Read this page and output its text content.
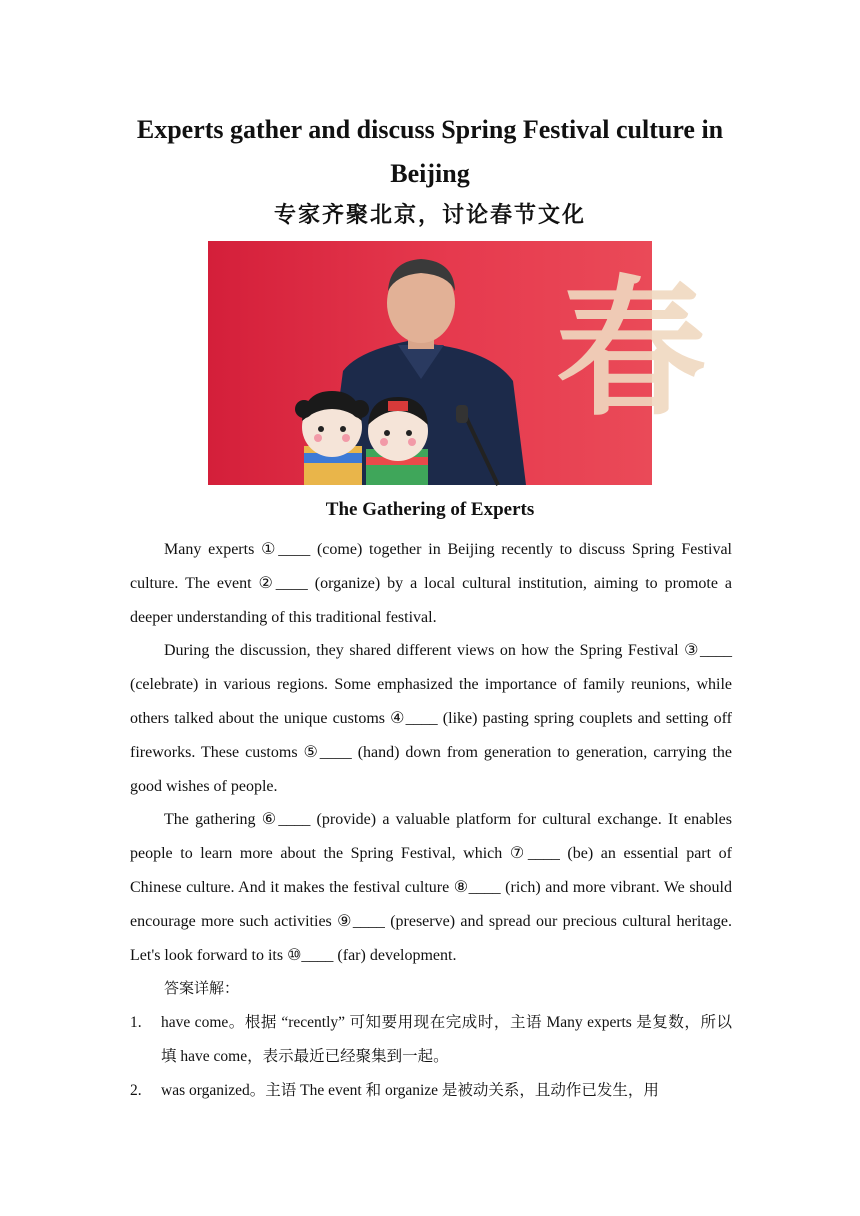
Experts gather and discuss Spring Festival culture in Beijing
专家齐聚北京，讨论春节文化
春
The Gathering of Experts

Many experts ①____ (come) together in Beijing recently to discuss Spring Festival culture. The event ②____ (organize) by a local cultural institution, aiming to promote a deeper understanding of this traditional festival.

During the discussion, they shared different views on how the Spring Festival ③____ (celebrate) in various regions. Some emphasized the importance of family reunions, while others talked about the unique customs ④____ (like) pasting spring couplets and setting off fireworks. These customs ⑤____ (hand) down from generation to generation, carrying the good wishes of people.

The gathering ⑥____ (provide) a valuable platform for cultural exchange. It enables people to learn more about the Spring Festival, which ⑦____ (be) an essential part of Chinese culture. And it makes the festival culture ⑧____ (rich) and more vibrant. We should encourage more such activities ⑨____ (preserve) and spread our precious cultural heritage. Let's look forward to its ⑩____ (far) development.

答案详解：

1. have come。根据 “recently” 可知要用现在完成时，主语 Many experts 是复数，所以填 have come，表示最近已经聚集到一起。

2. was organized。主语 The event 和 organize 是被动关系，且动作已发生，用
